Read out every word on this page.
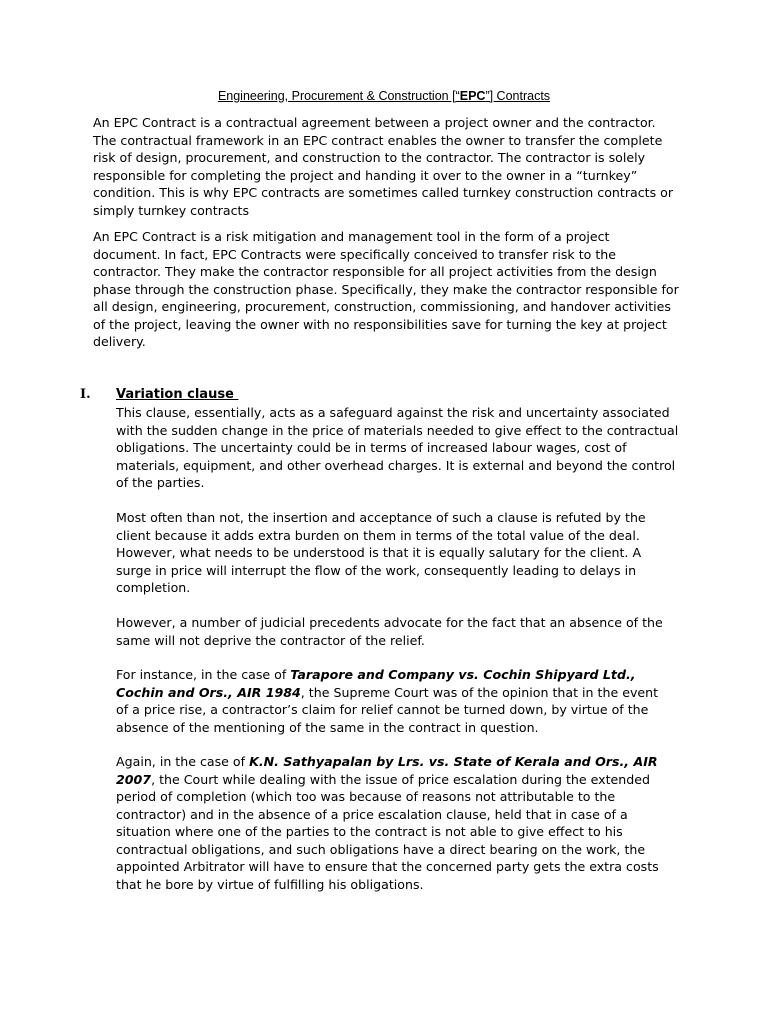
Engineering, Procurement & Construction [“EPC”] Contracts
An EPC Contract is a contractual agreement between a project owner and the contractor.
The contractual framework in an EPC contract enables the owner to transfer the complete
risk of design, procurement, and construction to the contractor. The contractor is solely
responsible for completing the project and handing it over to the owner in a “turnkey”
condition. This is why EPC contracts are sometimes called turnkey construction contracts or
simply turnkey contracts
An EPC Contract is a risk mitigation and management tool in the form of a project
document. In fact, EPC Contracts were specifically conceived to transfer risk to the
contractor. They make the contractor responsible for all project activities from the design
phase through the construction phase. Specifically, they make the contractor responsible for
all design, engineering, procurement, construction, commissioning, and handover activities
of the project, leaving the owner with no responsibilities save for turning the key at project
delivery.
I. Variation clause
This clause, essentially, acts as a safeguard against the risk and uncertainty associated
with the sudden change in the price of materials needed to give effect to the contractual
obligations. The uncertainty could be in terms of increased labour wages, cost of
materials, equipment, and other overhead charges. It is external and beyond the control
of the parties.
Most often than not, the insertion and acceptance of such a clause is refuted by the
client because it adds extra burden on them in terms of the total value of the deal.
However, what needs to be understood is that it is equally salutary for the client. A
surge in price will interrupt the flow of the work, consequently leading to delays in
completion.
However, a number of judicial precedents advocate for the fact that an absence of the
same will not deprive the contractor of the relief.
For instance, in the case of Tarapore and Company vs. Cochin Shipyard Ltd.,
Cochin and Ors., AIR 1984, the Supreme Court was of the opinion that in the event
of a price rise, a contractor’s claim for relief cannot be turned down, by virtue of the
absence of the mentioning of the same in the contract in question.
Again, in the case of K.N. Sathyapalan by Lrs. vs. State of Kerala and Ors., AIR
2007, the Court while dealing with the issue of price escalation during the extended
period of completion (which too was because of reasons not attributable to the
contractor) and in the absence of a price escalation clause, held that in case of a
situation where one of the parties to the contract is not able to give effect to his
contractual obligations, and such obligations have a direct bearing on the work, the
appointed Arbitrator will have to ensure that the concerned party gets the extra costs
that he bore by virtue of fulfilling his obligations.
